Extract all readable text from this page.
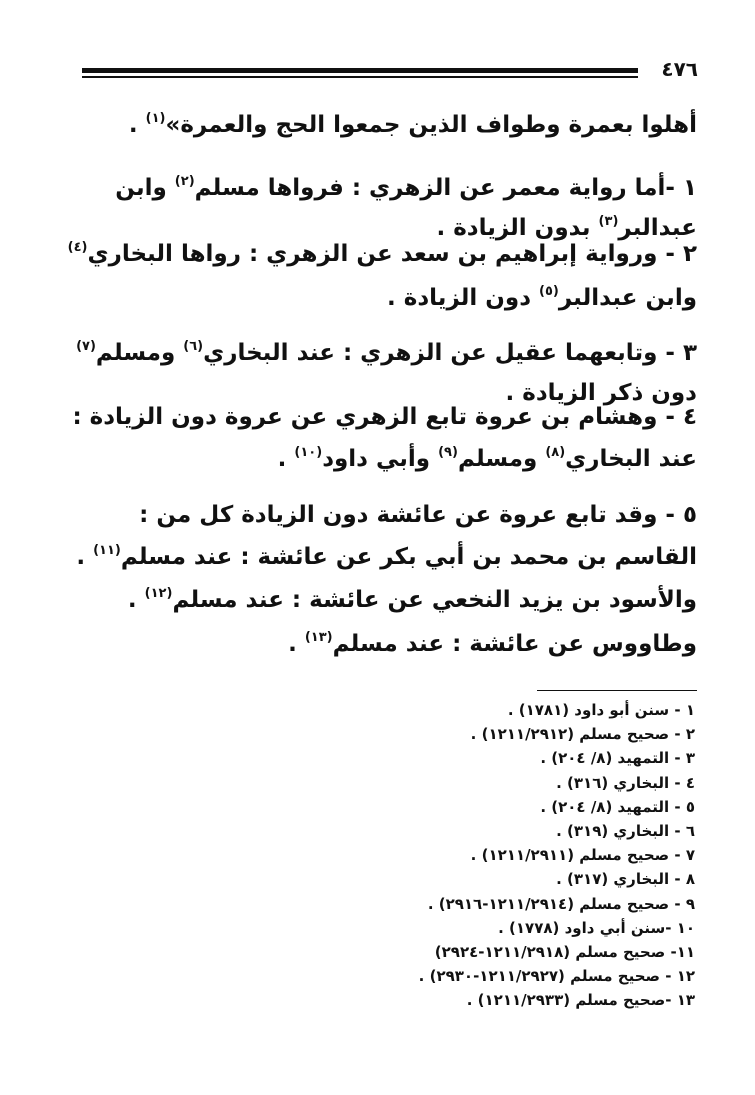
٤٧٦
أهلوا بعمرة وطواف الذين جمعوا الحج والعمرة»$^{(١)}$ .
١ -أما رواية معمر عن الزهري : فرواها مسلم$^{(٢)}$ وابن عبدالبر$^{(٣)}$ بدون الزيادة .
٢ - ورواية إبراهيم بن سعد عن الزهري : رواها البخاري$^{(٤)}$ وابن عبدالبر$^{(٥)}$ دون الزيادة .
٣ - وتابعهما عقيل عن الزهري : عند البخاري$^{(٦)}$ ومسلم$^{(٧)}$ دون ذكر الزيادة .
٤ - وهشام بن عروة تابع الزهري عن عروة دون الزيادة : عند البخاري$^{(٨)}$ ومسلم$^{(٩)}$ وأبي داود$^{(١٠)}$ .
٥ - وقد تابع عروة عن عائشة دون الزيادة كل من :
القاسم بن محمد بن أبي بكر عن عائشة : عند مسلم$^{(١١)}$ .
والأسود بن يزيد النخعي عن عائشة : عند مسلم$^{(١٢)}$ .
وطاووس عن عائشة : عند مسلم$^{(١٣)}$ .
١ - سنن أبو داود (١٧٨١) .
٢ - صحيح مسلم (١٢١١/٢٩١٢) .
٣ - التمهيد (٨/ ٢٠٤) .
٤ - البخاري (٣١٦) .
٥ - التمهيد (٨/ ٢٠٤) .
٦ - البخاري (٣١٩) .
٧ - صحيح مسلم (١٢١١/٢٩١١) .
٨ - البخاري (٣١٧) .
٩ - صحيح مسلم (١٢١١/٢٩١٤-٢٩١٦) .
١٠ -سنن أبي داود (١٧٧٨) .
١١- صحيح مسلم (١٢١١/٢٩١٨-٢٩٢٤)
١٢ - صحيح مسلم (١٢١١/٢٩٢٧-٢٩٣٠) .
١٣ -صحيح مسلم (١٢١١/٢٩٣٣) .
